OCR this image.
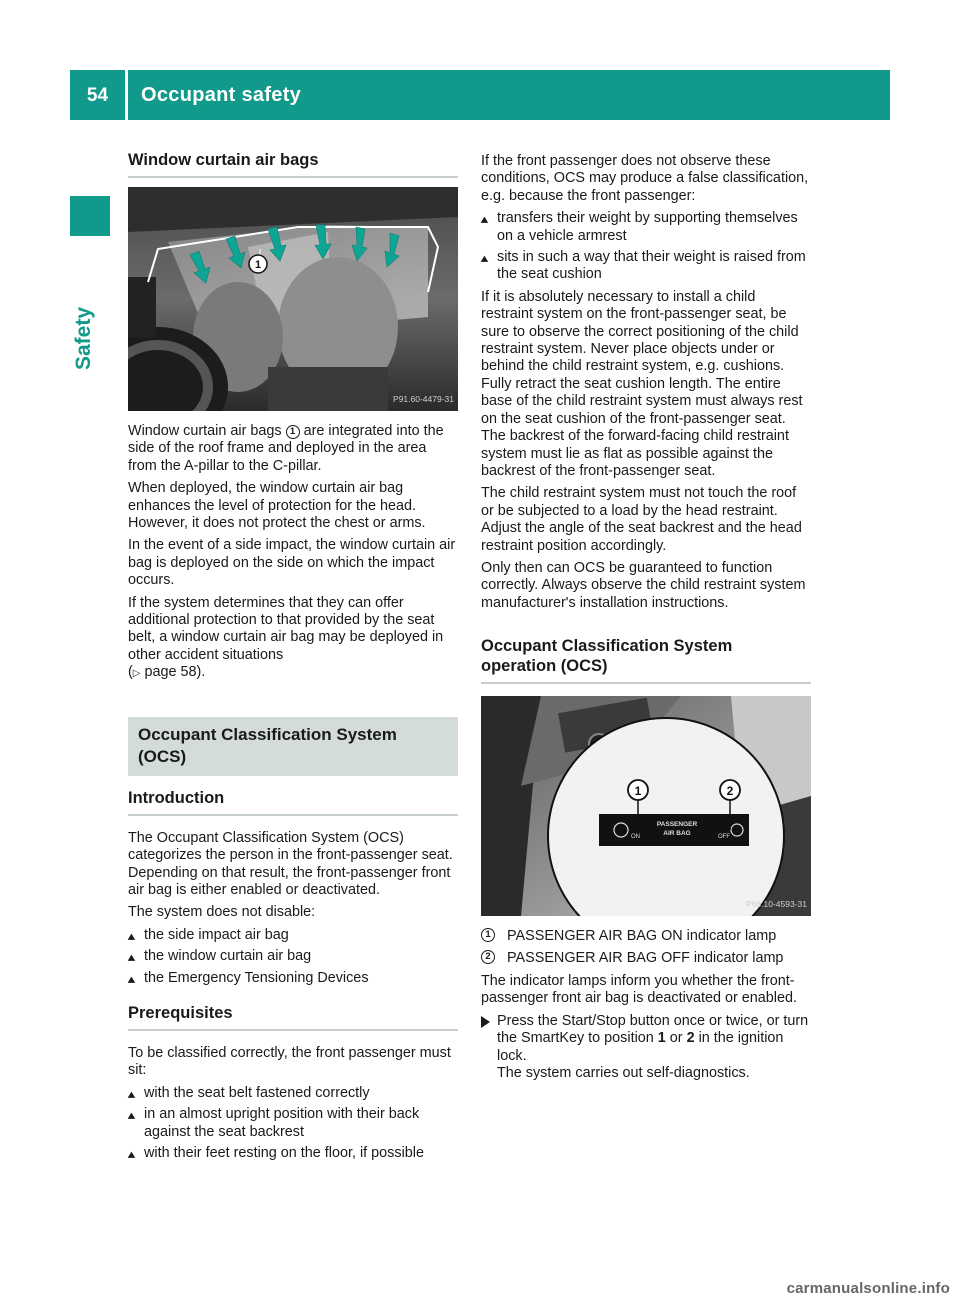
54	Occupant safety
Safety
Window curtain air bags
1
P91.60-4479-31

Window curtain air bags 1 are integrated into the side of the roof frame and deployed in the area from the A-pillar to the C-pillar.

When deployed, the window curtain air bag enhances the level of protection for the head. However, it does not protect the chest or arms.

In the event of a side impact, the window curtain air bag is deployed on the side on which the impact occurs.

If the system determines that they can offer additional protection to that provided by the seat belt, a window curtain air bag may be deployed in other accident situations
(▷ page 58).

Occupant Classification System (OCS)
Introduction

The Occupant Classification System (OCS) categorizes the person in the front-passenger seat. Depending on that result, the front-passenger front air bag is either enabled or deactivated.

The system does not disable:

▶ the side impact air bag
▶ the window curtain air bag
▶ the Emergency Tensioning Devices
Prerequisites

To be classified correctly, the front passenger must sit:

▶ with the seat belt fastened correctly
▶ in an almost upright position with their back against the seat backrest
▶ with their feet resting on the floor, if possible

If the front passenger does not observe these conditions, OCS may produce a false classification, e.g. because the front passenger:

▶ transfers their weight by supporting themselves on a vehicle armrest
▶ sits in such a way that their weight is raised from the seat cushion

If it is absolutely necessary to install a child restraint system on the front-passenger seat, be sure to observe the correct positioning of the child restraint system. Never place objects under or behind the child restraint system, e.g. cushions. Fully retract the seat cushion length. The entire base of the child restraint system must always rest on the seat cushion of the front-passenger seat. The backrest of the forward-facing child restraint system must lie as flat as possible against the backrest of the front-passenger seat.

The child restraint system must not touch the roof or be subjected to a load by the head restraint. Adjust the angle of the seat backrest and the head restraint position accordingly.

Only then can OCS be guaranteed to function correctly. Always observe the child restraint system manufacturer's installation instructions.

Occupant Classification System operation (OCS)
ON
PASSENGER
AIR BAG	OFF
1	2
P68.10-4593-31
1	PASSENGER AIR BAG ON indicator lamp
2	PASSENGER AIR BAG OFF indicator lamp

The indicator lamps inform you whether the front-passenger front air bag is deactivated or enabled.

Press the Start/Stop button once or twice, or turn the SmartKey to position 1 or 2 in the ignition lock.
The system carries out self-diagnostics.
carmanualsonline.info
